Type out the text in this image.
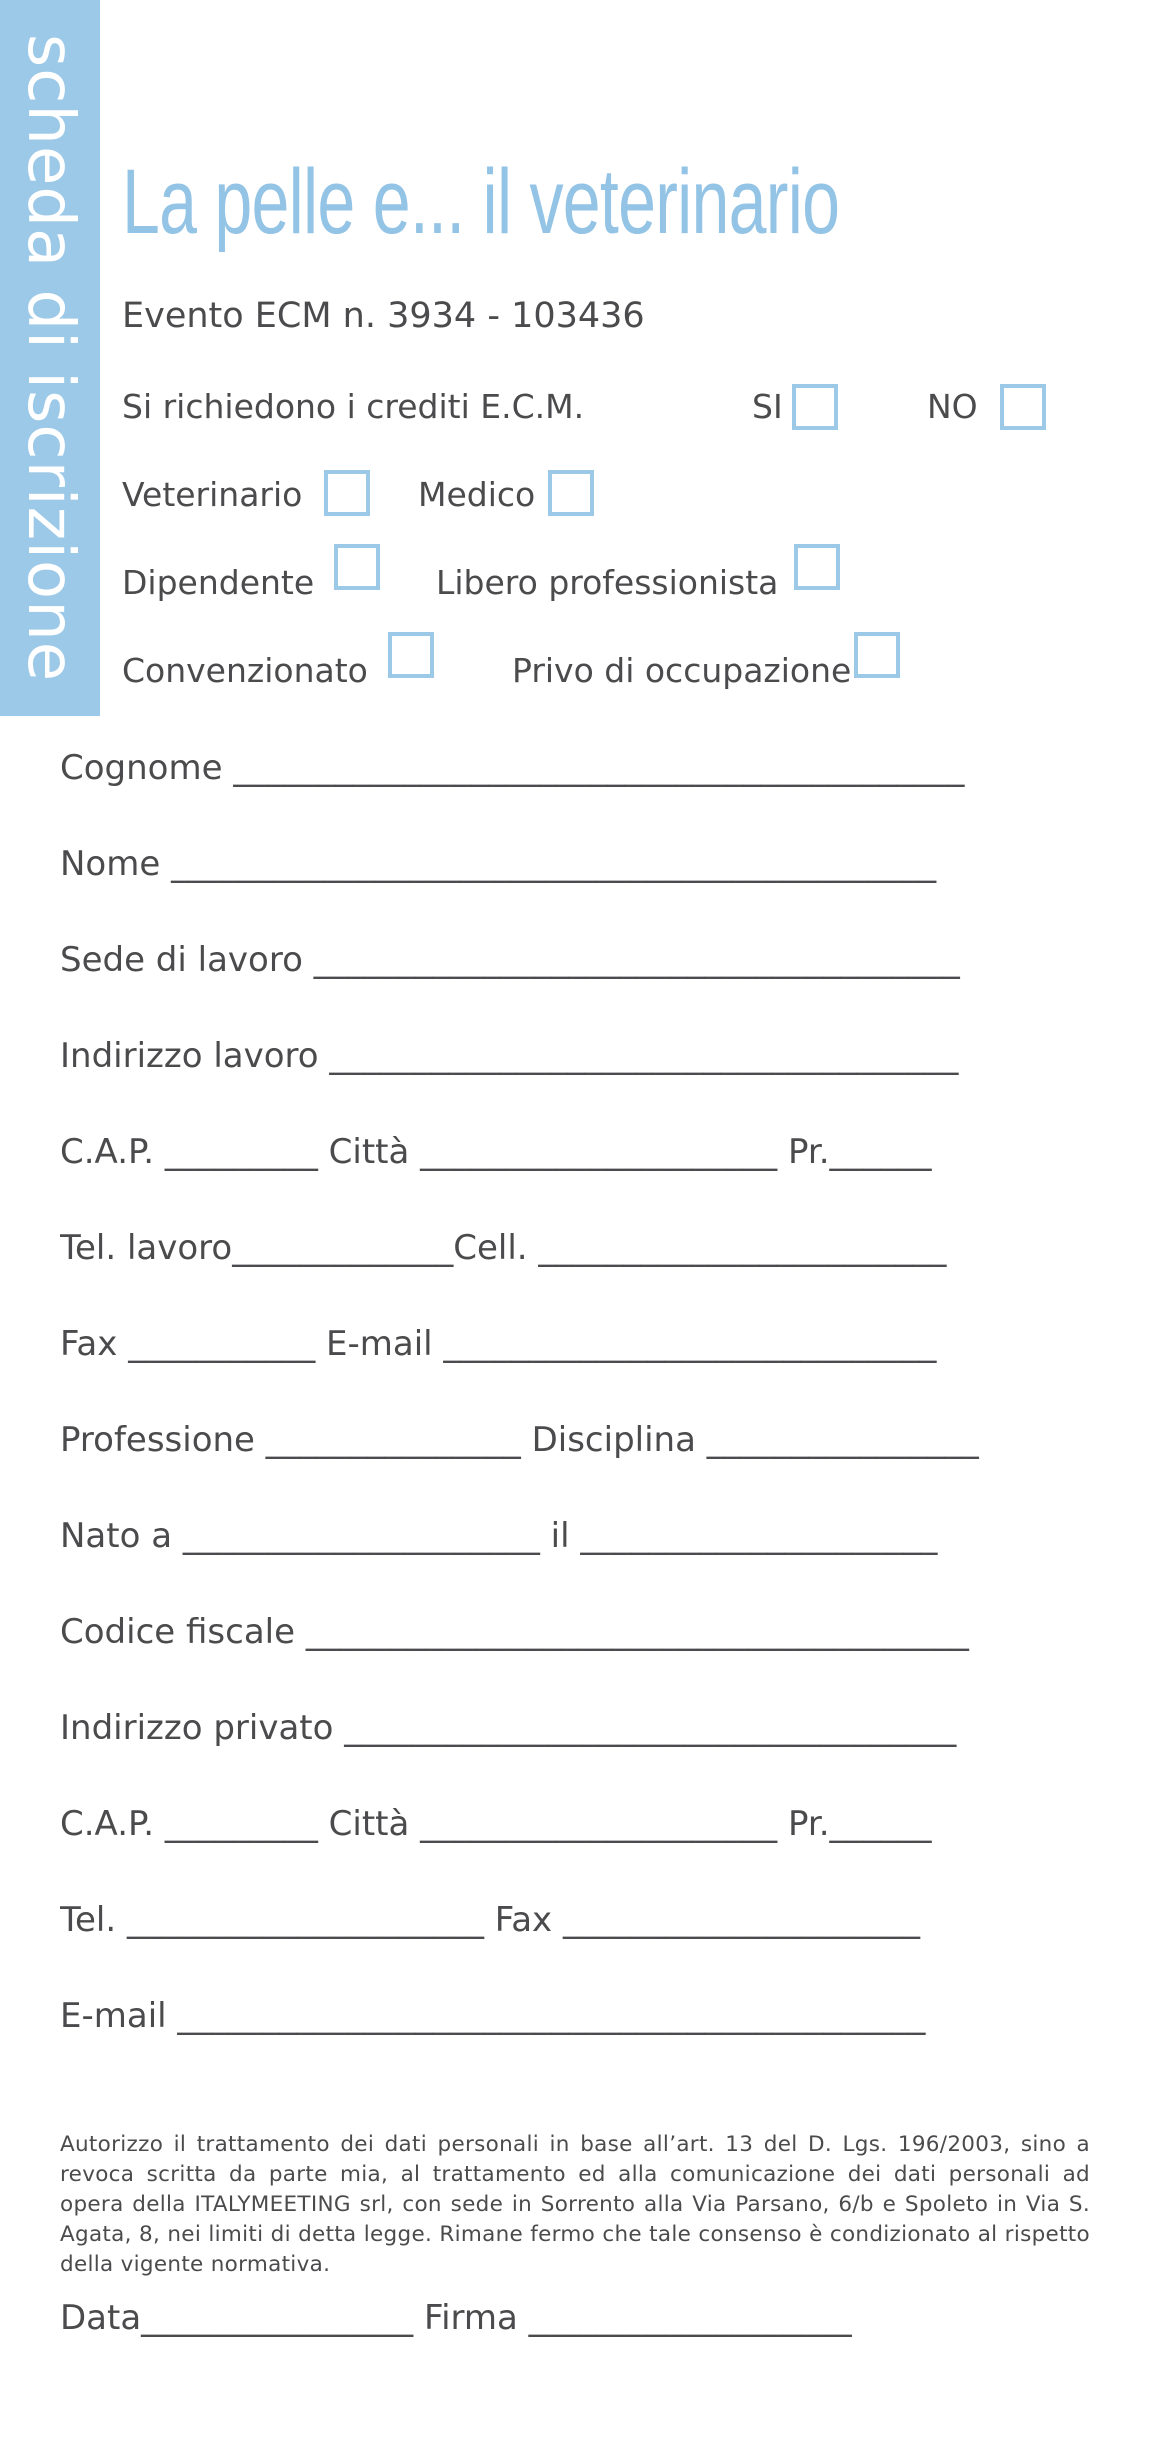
scheda di iscrizione La pelle e... il veterinario
Evento ECM n. 3934 - 103436
Si richiedono i crediti E.C.M.	SI	NO
Veterinario	Medico
Dipendente	Libero professionista
Convenzionato	Privo di occupazione
Cognome ___________________________________________
Nome _____________________________________________
Sede di lavoro ______________________________________
Indirizzo lavoro _____________________________________
C.A.P. _________ Città _____________________ Pr.______
Tel. lavoro_____________Cell. ________________________
Fax ___________ E-mail _____________________________
Professione _______________ Disciplina ________________
Nato a _____________________ il _____________________
Codice fiscale _______________________________________
Indirizzo privato ____________________________________
C.A.P. _________ Città _____________________ Pr.______
Tel. _____________________ Fax _____________________
E-mail ____________________________________________
Autorizzo il trattamento dei dati personali in base all’art. 13 del D. Lgs. 196/2003, sino a revoca scritta da parte mia, al trattamento ed alla comunicazione dei dati personali ad opera della ITALYMEETING srl, con sede in Sorrento alla Via Parsano, 6/b e Spoleto in Via S. Agata, 8, nei limiti di detta legge. Rimane fermo che tale consenso è condizionato al rispetto della vigente normativa.
Data________________ Firma ___________________
